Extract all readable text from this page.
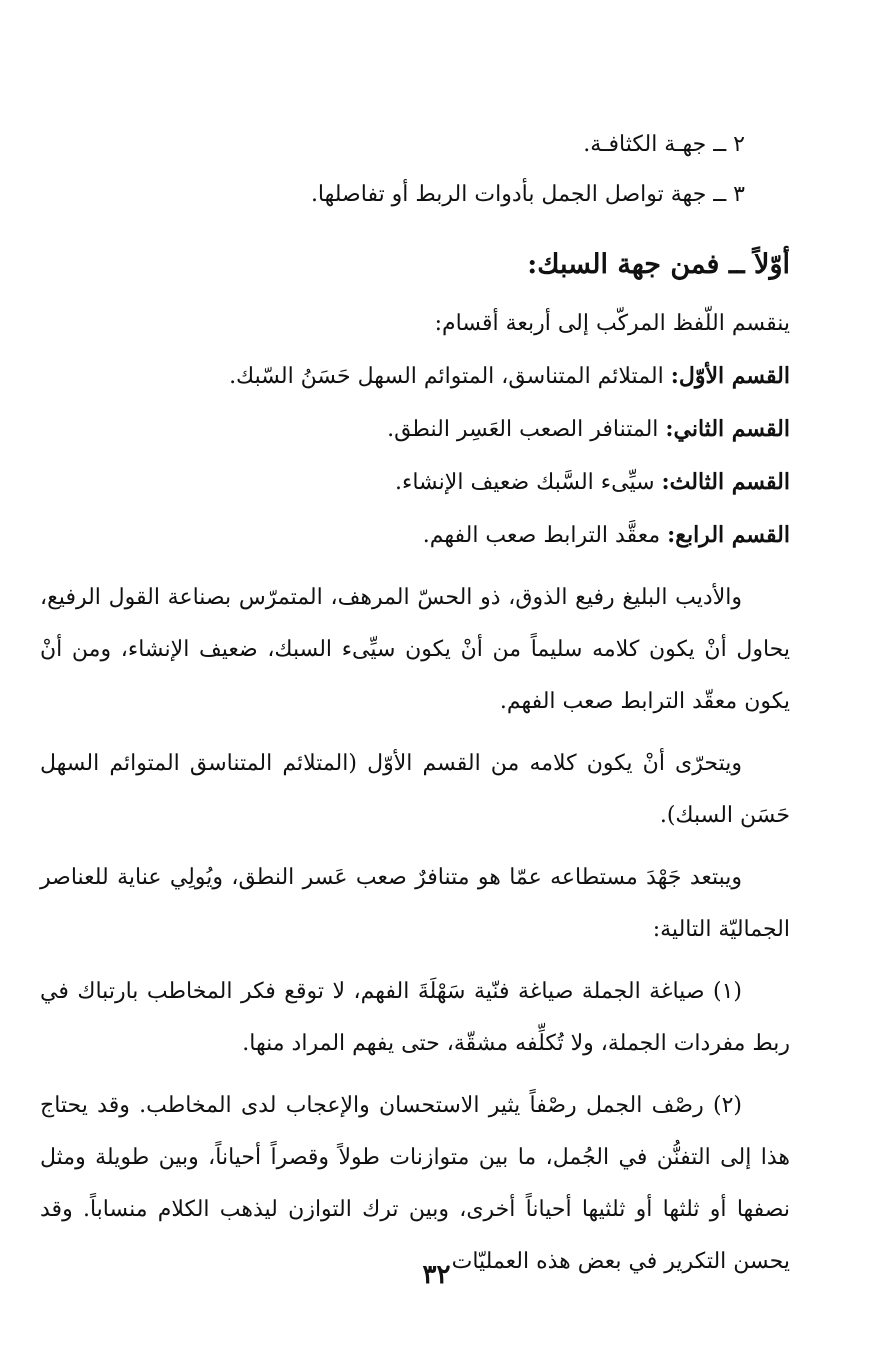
٢ ــ جهـة الكثافـة.

٣ ــ جهة تواصل الجمل بأدوات الربط أو تفاصلها.

أوّلاً ــ فمن جهة السبك:
ينقسم اللّفظ المركّب إلى أربعة أقسام:
القسم الأوّل: المتلائم المتناسق، المتوائم السهل حَسَنُ السّبك.
القسم الثاني: المتنافر الصعب العَسِر النطق.
القسم الثالث: سيِّىء السَّبك ضعيف الإنشاء.
القسم الرابع: معقَّد الترابط صعب الفهم.

والأديب البليغ رفيع الذوق، ذو الحسّ المرهف، المتمرّس بصناعة القول الرفيع، يحاول أنْ يكون كلامه سليماً من أنْ يكون سيِّىء السبك، ضعيف الإنشاء، ومن أنْ يكون معقّد الترابط صعب الفهم.

ويتحرّى أنْ يكون كلامه من القسم الأوّل (المتلائم المتناسق المتوائم السهل حَسَن السبك).

ويبتعد جَهْدَ مستطاعه عمّا هو متنافرٌ صعب عَسر النطق، ويُولِي عناية للعناصر الجماليّة التالية:

(١) صياغة الجملة صياغة فنّية سَهْلَةَ الفهم، لا توقع فكر المخاطب بارتباك في ربط مفردات الجملة، ولا تُكلِّفه مشقّة، حتى يفهم المراد منها.

(٢) رصْف الجمل رصْفاً يثير الاستحسان والإعجاب لدى المخاطب. وقد يحتاج هذا إلى التفنُّن في الجُمل، ما بين متوازنات طولاً وقصراً أحياناً، وبين طويلة ومثل نصفها أو ثلثها أو ثلثيها أحياناً أخرى، وبين ترك التوازن ليذهب الكلام منساباً. وقد يحسن التكرير في بعض هذه العمليّات.

٣٢
